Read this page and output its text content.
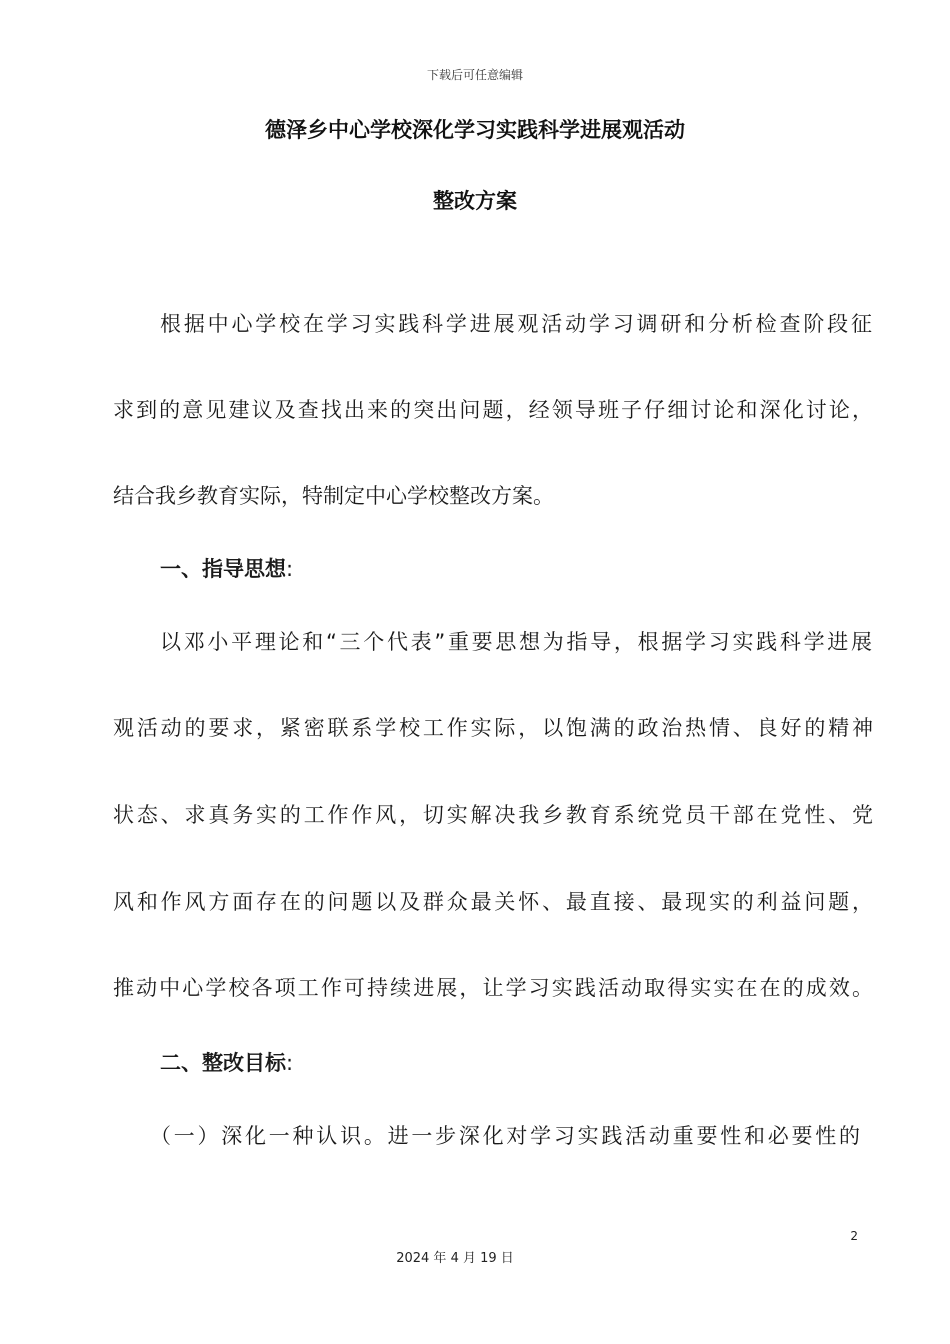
下载后可任意编辑
德泽乡中心学校深化学习实践科学进展观活动
整改方案
根据中心学校在学习实践科学进展观活动学习调研和分析检查阶段征
求到的意见建议及查找出来的突出问题，经领导班子仔细讨论和深化讨论，
结合我乡教育实际，特制定中心学校整改方案。
一、指导思想:
以邓小平理论和“三个代表”重要思想为指导，根据学习实践科学进展
观活动的要求，紧密联系学校工作实际，以饱满的政治热情、良好的精神
状态、求真务实的工作作风，切实解决我乡教育系统党员干部在党性、党
风和作风方面存在的问题以及群众最关怀、最直接、最现实的利益问题，
推动中心学校各项工作可持续进展，让学习实践活动取得实实在在的成效。
二、整改目标:
（一）深化一种认识。进一步深化对学习实践活动重要性和必要性的
2
2024 年 4 月 19 日
